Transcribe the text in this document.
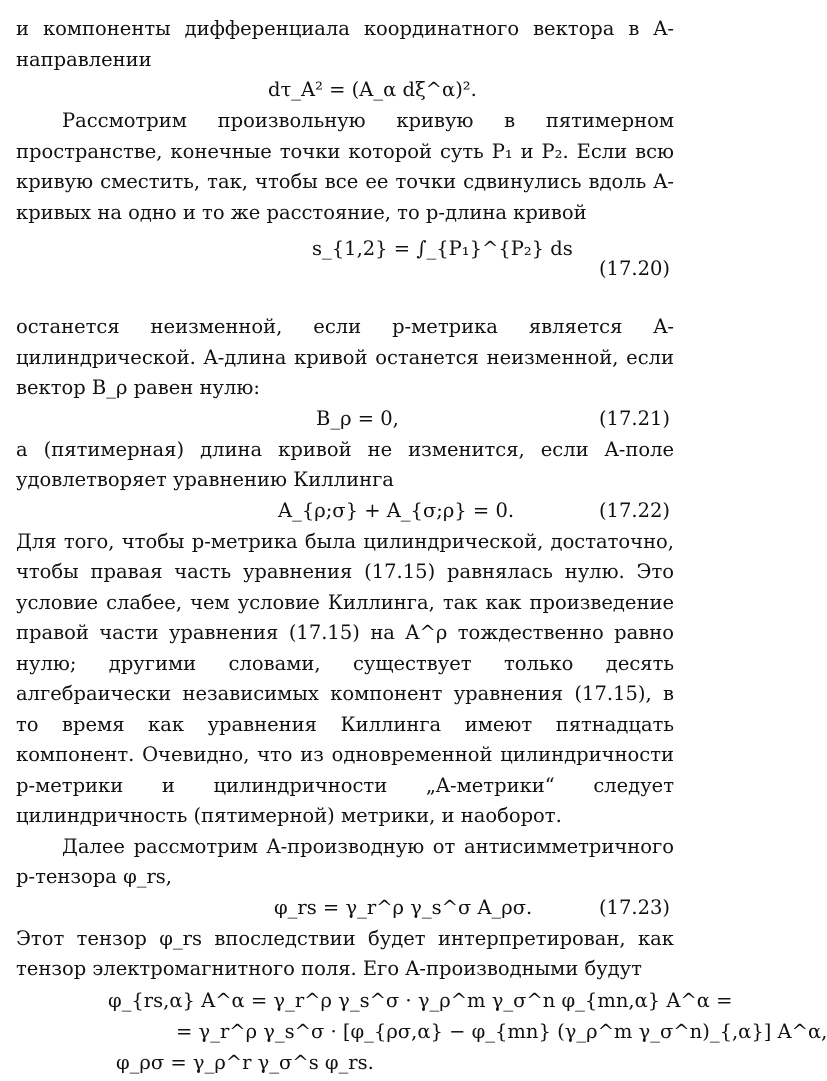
и компоненты дифференциала координатного вектора в A-направлении

dτ_A² = (A_α dξ^α)².

Рассмотрим произвольную кривую в пятимерном пространстве, конечные точки которой суть P₁ и P₂. Если всю кривую сместить, так, чтобы все ее точки сдвинулись вдоль A-кривых на одно и то же расстояние, то p-длина кривой

s_{1,2} = ∫_{P₁}^{P₂} ds
(17.20)

останется неизменной, если p-метрика является A-цилиндрической. A-длина кривой останется неизменной, если вектор B_ρ равен нулю:

B_ρ = 0,	(17.21)

а (пятимерная) длина кривой не изменится, если A-поле удовлетворяет уравнению Киллинга

A_{ρ;σ} + A_{σ;ρ} = 0.	(17.22)

Для того, чтобы p-метрика была цилиндрической, достаточно, чтобы правая часть уравнения (17.15) равнялась нулю. Это условие слабее, чем условие Киллинга, так как произведение правой части уравнения (17.15) на A^ρ тождественно равно нулю; другими словами, существует только десять алгебраически независимых компонент уравнения (17.15), в то время как уравнения Киллинга имеют пятнадцать компонент. Очевидно, что из одновременной цилиндричности p-метрики и цилиндричности „A-метрики“ следует цилиндричность (пятимерной) метрики, и наоборот.

Далее рассмотрим A-производную от антисимметричного p-тензора φ_rs,

φ_rs = γ_r^ρ γ_s^σ A_ρσ.	(17.23)

Этот тензор φ_rs впоследствии будет интерпретирован, как тензор электромагнитного поля. Его A-производными будут

φ_{rs,α} A^α = γ_r^ρ γ_s^σ · γ_ρ^m γ_σ^n φ_{mn,α} A^α =
= γ_r^ρ γ_s^σ · [φ_{ρσ,α} − φ_{mn} (γ_ρ^m γ_σ^n)_{,α}] A^α,
φ_ρσ = γ_ρ^r γ_σ^s φ_rs.
